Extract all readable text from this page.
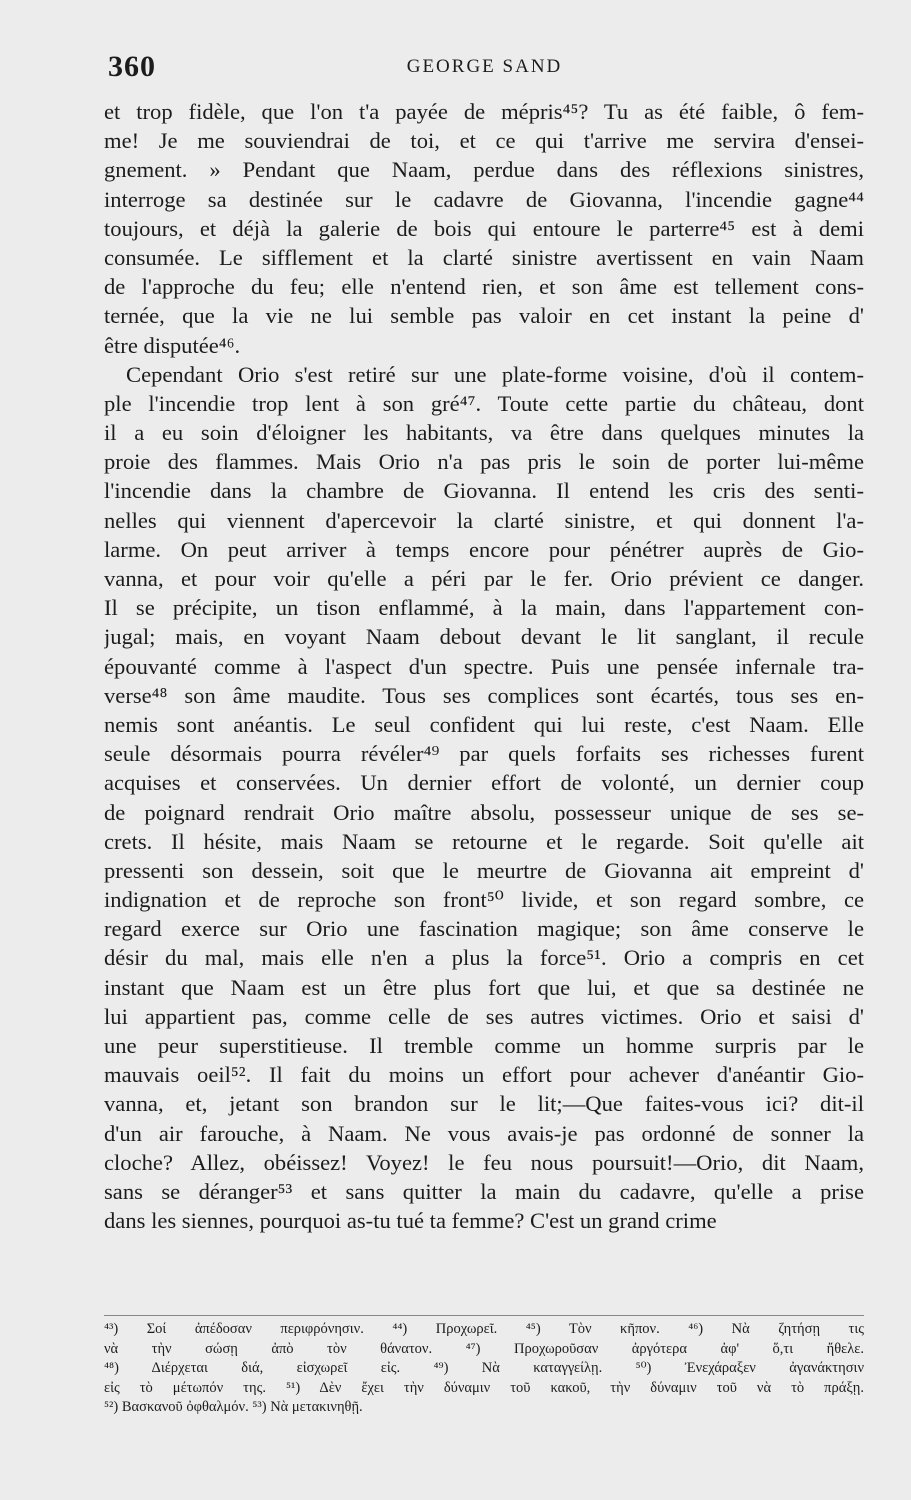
360	GEORGE SAND
et trop fidèle, que l'on t'a payée de mépris⁴⁵? Tu as été faible, ô fem-
me! Je me souviendrai de toi, et ce qui t'arrive me servira d'ensei-
gnement. » Pendant que Naam, perdue dans des réflexions sinistres,
interroge sa destinée sur le cadavre de Giovanna, l'incendie gagne⁴⁴
toujours, et déjà la galerie de bois qui entoure le parterre⁴⁵ est à demi
consumée. Le sifflement et la clarté sinistre avertissent en vain Naam
de l'approche du feu; elle n'entend rien, et son âme est tellement cons-
ternée, que la vie ne lui semble pas valoir en cet instant la peine d'
être disputée⁴⁶.
Cependant Orio s'est retiré sur une plate-forme voisine, d'où il contem-
ple l'incendie trop lent à son gré⁴⁷. Toute cette partie du château, dont
il a eu soin d'éloigner les habitants, va être dans quelques minutes la
proie des flammes. Mais Orio n'a pas pris le soin de porter lui-même
l'incendie dans la chambre de Giovanna. Il entend les cris des senti-
nelles qui viennent d'apercevoir la clarté sinistre, et qui donnent l'a-
larme. On peut arriver à temps encore pour pénétrer auprès de Gio-
vanna, et pour voir qu'elle a péri par le fer. Orio prévient ce danger.
Il se précipite, un tison enflammé, à la main, dans l'appartement con-
jugal; mais, en voyant Naam debout devant le lit sanglant, il recule
épouvanté comme à l'aspect d'un spectre. Puis une pensée infernale tra-
verse⁴⁸ son âme maudite. Tous ses complices sont écartés, tous ses en-
nemis sont anéantis. Le seul confident qui lui reste, c'est Naam. Elle
seule désormais pourra révéler⁴⁹ par quels forfaits ses richesses furent
acquises et conservées. Un dernier effort de volonté, un dernier coup
de poignard rendrait Orio maître absolu, possesseur unique de ses se-
crets. Il hésite, mais Naam se retourne et le regarde. Soit qu'elle ait
pressenti son dessein, soit que le meurtre de Giovanna ait empreint d'
indignation et de reproche son front⁵⁰ livide, et son regard sombre, ce
regard exerce sur Orio une fascination magique; son âme conserve le
désir du mal, mais elle n'en a plus la force⁵¹. Orio a compris en cet
instant que Naam est un être plus fort que lui, et que sa destinée ne
lui appartient pas, comme celle de ses autres victimes. Orio et saisi d'
une peur superstitieuse. Il tremble comme un homme surpris par le
mauvais oeil⁵². Il fait du moins un effort pour achever d'anéantir Gio-
vanna, et, jetant son brandon sur le lit;—Que faites-vous ici? dit-il
d'un air farouche, à Naam. Ne vous avais-je pas ordonné de sonner la
cloche? Allez, obéissez! Voyez! le feu nous poursuit!—Orio, dit Naam,
sans se déranger⁵³ et sans quitter la main du cadavre, qu'elle a prise
dans les siennes, pourquoi as-tu tué ta femme? C'est un grand crime
⁴³) Σοί ἀπέδοσαν περιφρόνησιν. ⁴⁴) Προχωρεῖ. ⁴⁵) Τὸν κῆπον. ⁴⁶) Νὰ ζητήσῃ τις
νὰ τὴν σώσῃ ἀπὸ τὸν θάνατον. ⁴⁷) Προχωροῦσαν ἀργότερα ἀφ' ὅ,τι ἤθελε.
⁴⁸) Διέρχεται διά, εἰσχωρεῖ εἰς. ⁴⁹) Νὰ καταγγείλῃ. ⁵⁰) Ἐνεχάραξεν ἀγανάκτησιν
εἰς τὸ μέτωπόν της. ⁵¹) Δὲν ἔχει τὴν δύναμιν τοῦ κακοῦ, τὴν δύναμιν τοῦ νὰ τὸ πράξῃ.
⁵²) Βασκανοῦ ὀφθαλμόν. ⁵³) Νὰ μετακινηθῇ.
